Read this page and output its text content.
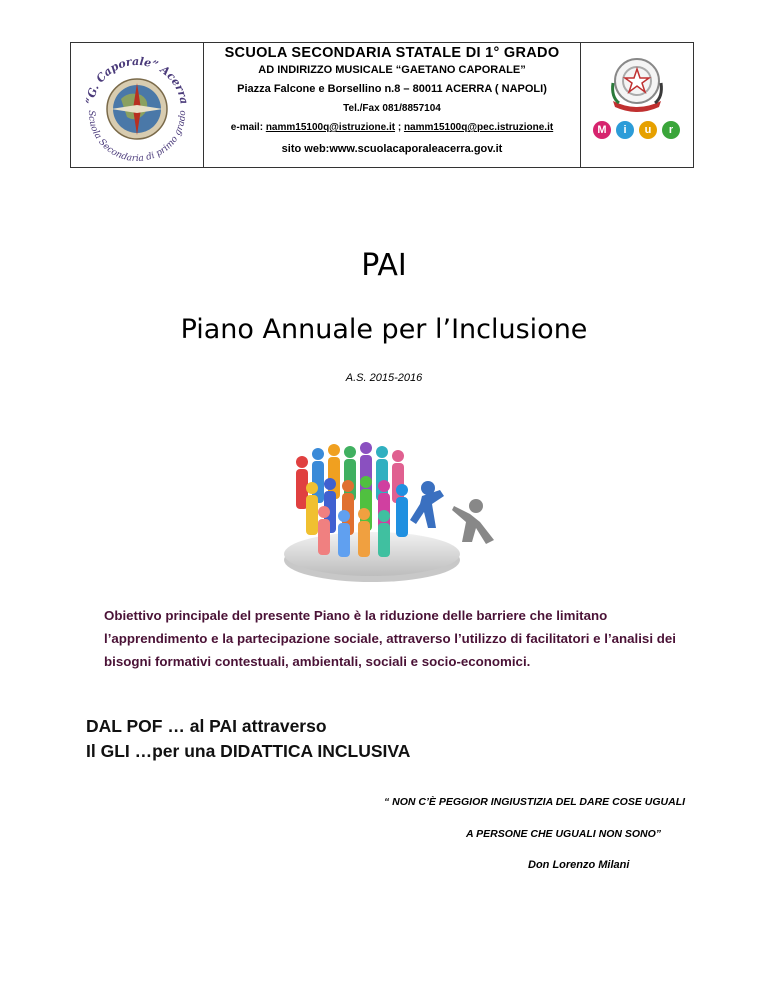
“G. Caporale” Acerra
Scuola Secondaria di primo grado
SCUOLA SECONDARIA STATALE DI 1° GRADO
AD INDIRIZZO MUSICALE “GAETANO CAPORALE”
Piazza Falcone e Borsellino n.8 – 80011 ACERRA ( NAPOLI)
Tel./Fax 081/8857104
e-mail: namm15100q@istruzione.it ; namm15100q@pec.istruzione.it
sito web:www.scuolacaporaleacerra.gov.it
M	i	u	r
PAI
Piano Annuale per l’Inclusione
A.S. 2015-2016
Obiettivo principale del presente Piano è la riduzione delle barriere che limitano l’apprendimento e la partecipazione sociale, attraverso l’utilizzo di facilitatori e l’analisi dei bisogni formativi contestuali, ambientali, sociali e socio-economici.
DAL POF … al PAI attraverso
Il GLI …per una DIDATTICA INCLUSIVA
“ NON C’È PEGGIOR INGIUSTIZIA DEL DARE COSE UGUALI
A PERSONE CHE UGUALI NON SONO”
Don Lorenzo Milani
